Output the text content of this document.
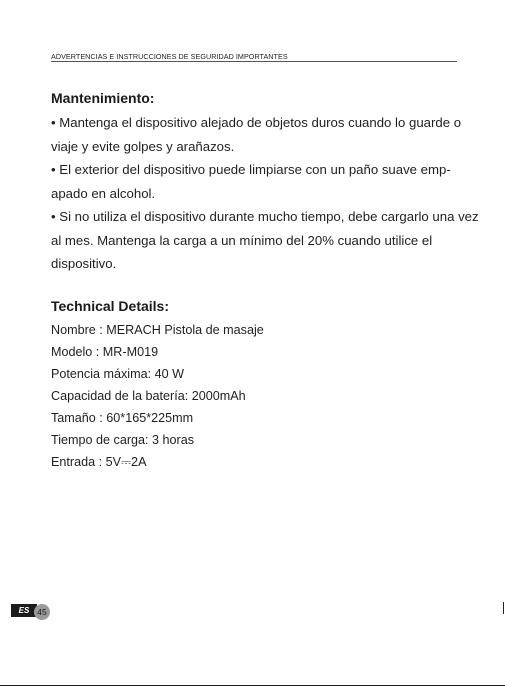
ADVERTENCIAS E INSTRUCCIONES DE SEGURIDAD IMPORTANTES
Mantenimiento:

• Mantenga el dispositivo alejado de objetos duros cuando lo guarde o viaje y evite golpes y arañazos.

• El exterior del dispositivo puede limpiarse con un paño suave emp-apado en alcohol.

• Si no utiliza el dispositivo durante mucho tiempo, debe cargarlo una vez al mes. Mantenga la carga a un mínimo del 20% cuando utilice el dispositivo.

Technical Details:
Nombre : MERACH Pistola de masaje
Modelo : MR-M019
Potencia máxima: 40 W
Capacidad de la batería: 2000mAh
Tamaño : 60*165*225mm
Tiempo de carga: 3 horas
Entrada : 5V⎓2A
ES 45
